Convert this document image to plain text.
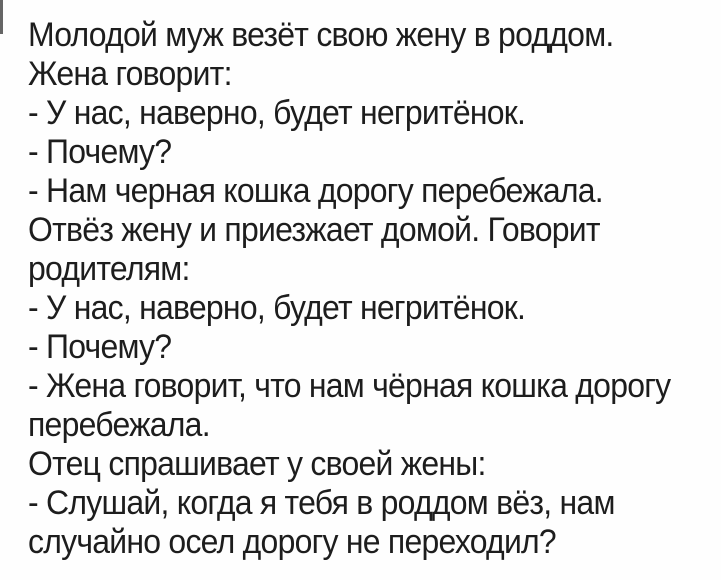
Молодой муж везёт свою жену в роддом.
Жена говорит:
- У нас, наверно, будет негритёнок.
- Почему?
- Нам черная кошка дорогу перебежала.
Отвёз жену и приезжает домой. Говорит
родителям:
- У нас, наверно, будет негритёнок.
- Почему?
- Жена говорит, что нам чёрная кошка дорогу
перебежала.
Отец спрашивает у своей жены:
- Слушай, когда я тебя в роддом вёз, нам
случайно осел дорогу не переходил?
